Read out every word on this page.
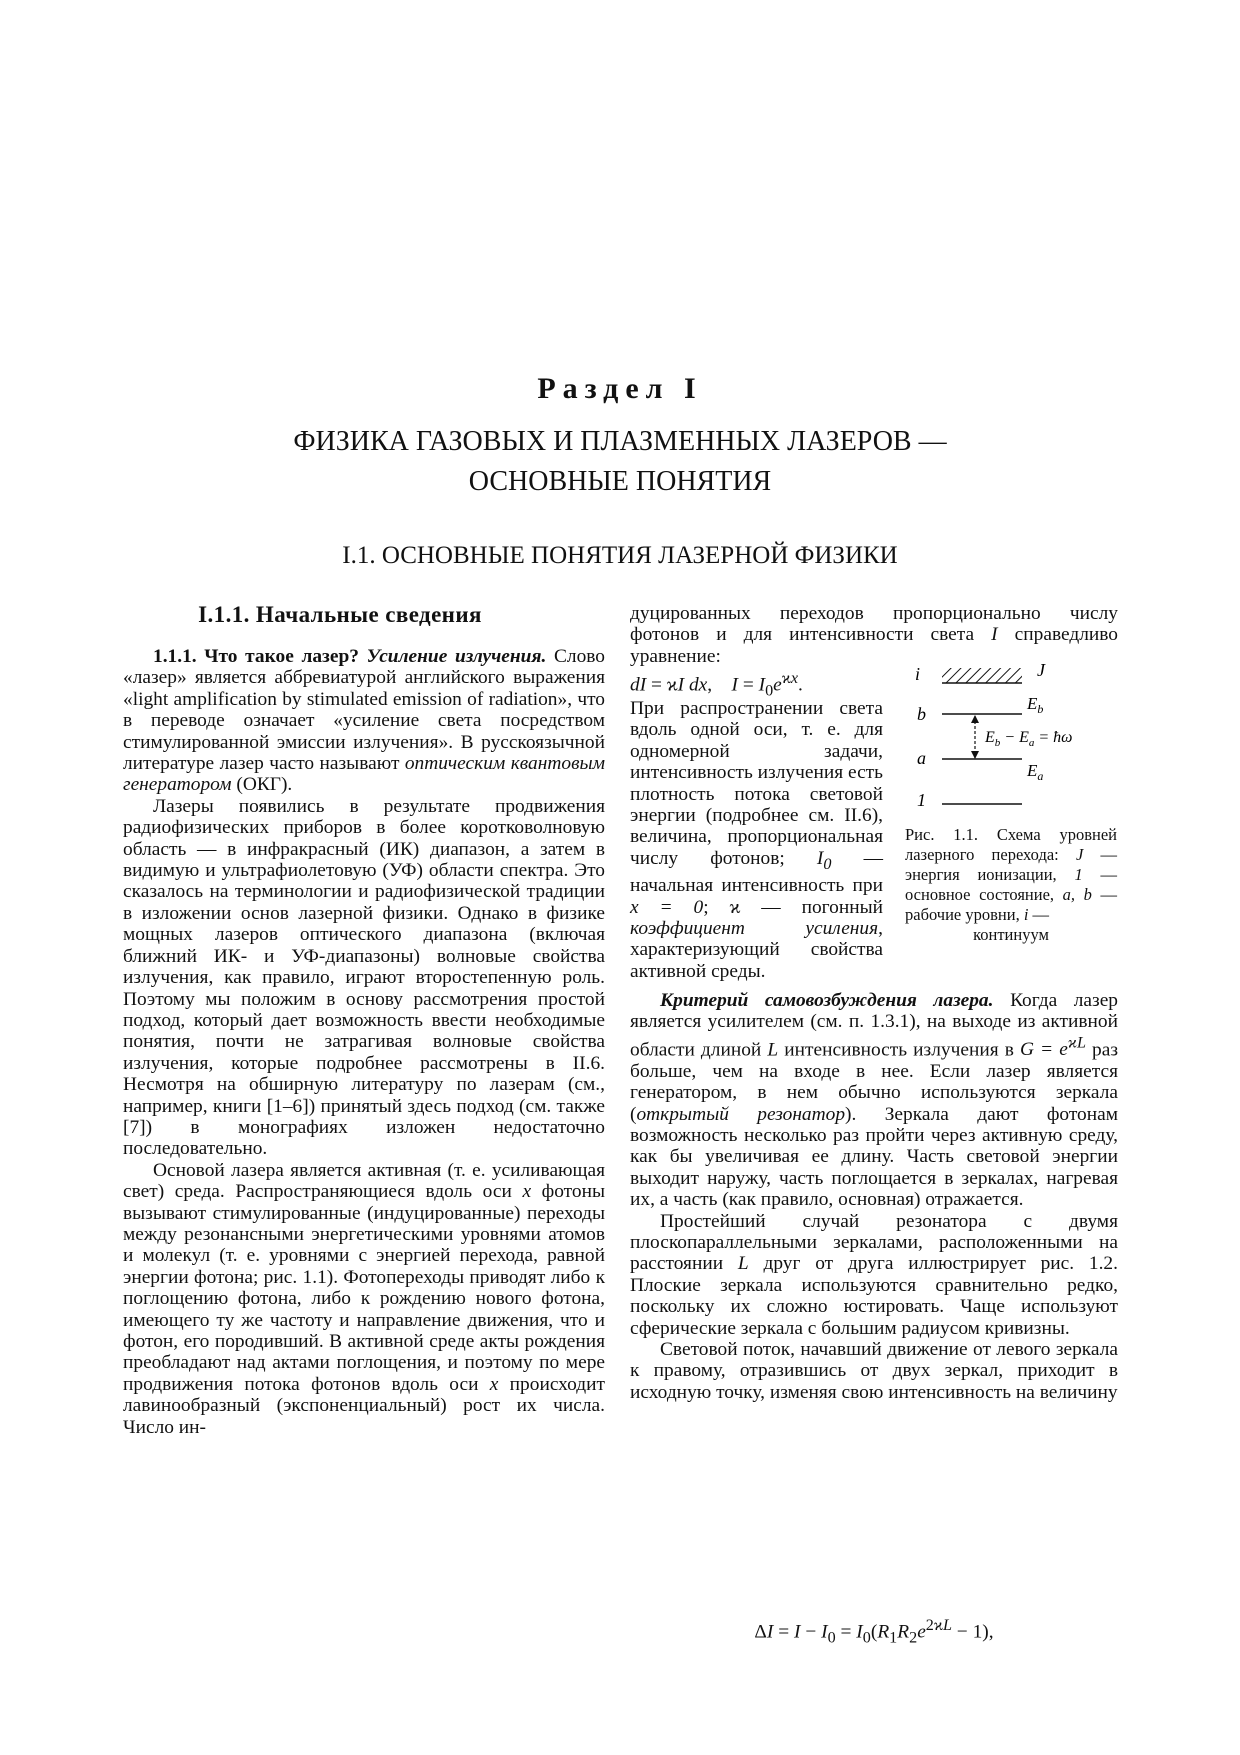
Раздел I
ФИЗИКА ГАЗОВЫХ И ПЛАЗМЕННЫХ ЛАЗЕРОВ —
ОСНОВНЫЕ ПОНЯТИЯ
I.1. ОСНОВНЫЕ ПОНЯТИЯ ЛАЗЕРНОЙ ФИЗИКИ
I.1.1. Начальные сведения

1.1.1. Что такое лазер? Усиление излучения. Слово «лазер» является аббревиатурой английского выражения «light amplification by stimulated emission of radiation», что в переводе означает «усиление света посредством стимулированной эмиссии излучения». В русскоязычной литературе лазер часто называют оптическим квантовым генератором (ОКГ).

Лазеры появились в результате продвижения радиофизических приборов в более коротковолновую область — в инфракрасный (ИК) диапазон, а затем в видимую и ультрафиолетовую (УФ) области спектра. Это сказалось на терминологии и радиофизической традиции в изложении основ лазерной физики. Однако в физике мощных лазеров оптического диапазона (включая ближний ИК- и УФ-диапазоны) волновые свойства излучения, как правило, играют второстепенную роль. Поэтому мы положим в основу рассмотрения простой подход, который дает возможность ввести необходимые понятия, почти не затрагивая волновые свойства излучения, которые подробнее рассмотрены в II.6. Несмотря на обширную литературу по лазерам (см., например, книги [1–6]) принятый здесь подход (см. также [7]) в монографиях изложен недостаточно последовательно.

Основой лазера является активная (т. е. усиливающая свет) среда. Распространяющиеся вдоль оси x фотоны вызывают стимулированные (индуцированные) переходы между резонансными энергетическими уровнями атомов и молекул (т. е. уровнями с энергией перехода, равной энергии фотона; рис. 1.1). Фотопереходы приводят либо к поглощению фотона, либо к рождению нового фотона, имеющего ту же частоту и направление движения, что и фотон, его породивший. В активной среде акты рождения преобладают над актами поглощения, и поэтому по мере продвижения потока фотонов вдоль оси x происходит лавинообразный (экспоненциальный) рост их числа. Число ин-

дуцированных переходов пропорционально числу фотонов и для интенсивности света I справедливо уравнение:

dI = ϰI dx,    $I = I_0e^{ϰx}$.

При распространении света вдоль одной оси, т. е. для одномерной задачи, интенсивность излучения есть плотность потока световой энергии (подробнее см. II.6), величина, пропорциональная числу фотонов; $I_0$ — начальная интенсивность при x = 0; ϰ — погонный коэффициент усиления, характеризующий свойства активной среды.

i	J
b
$E_b$
$E_b - E_a$ = ħω
a
$E_a$
1
Рис. 1.1. Схема уровней лазерного перехода: J — энергия ионизации, 1 — основное состояние, a, b — рабочие уровни, i —
континуум

Критерий самовозбуждения лазера. Когда лазер является усилителем (см. п. 1.3.1), на выходе из активной области длиной L интенсивность излучения в $G = e^{ϰL}$ раз больше, чем на входе в нее. Если лазер является генератором, в нем обычно используются зеркала (открытый резонатор). Зеркала дают фотонам возможность несколько раз пройти через активную среду, как бы увеличивая ее длину. Часть световой энергии выходит наружу, часть поглощается в зеркалах, нагревая их, а часть (как правило, основная) отражается.

Простейший случай резонатора с двумя плоскопараллельными зеркалами, расположенными на расстоянии L друг от друга иллюстрирует рис. 1.2. Плоские зеркала используются сравнительно редко, поскольку их сложно юстировать. Чаще используют сферические зеркала с большим радиусом кривизны.

Световой поток, начавший движение от левого зеркала к правому, отразившись от двух зеркал, приходит в исходную точку, изменяя свою интенсивность на величину

$\Delta I = I - I_0 = I_0(R_1R_2e^{2ϰL} - 1)$,
